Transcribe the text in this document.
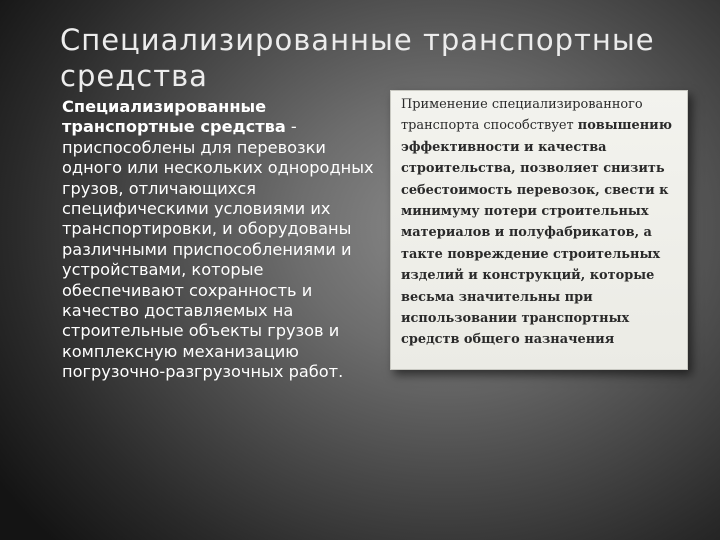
Специализированные транспортные средства

Специализированные транспортные средства - приспособлены для перевозки одного или нескольких однородных грузов, отличающихся специфическими условиями их транспортировки, и оборудованы различными приспособлениями и устройствами, которые обеспечивают сохранность и качество доставляемых на строительные объекты грузов и комплексную механизацию погрузочно-разгрузочных работ.

Применение специализированного транспорта способствует повышению эффективности и качества строительства, позволяет снизить себестоимость перевозок, свести к минимуму потери строительных материалов и полуфабрикатов, а такте повреждение строительных изделий и конструкций, которые весьма значительны при использовании транспортных средств общего назначения
